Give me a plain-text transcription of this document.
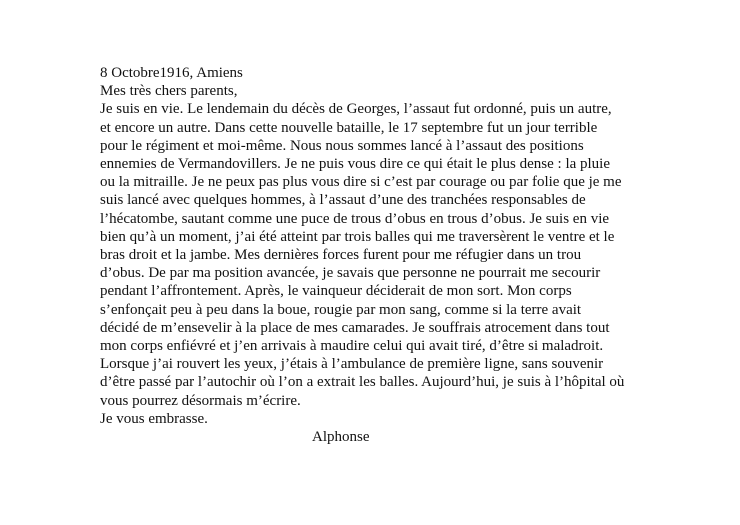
8 Octobre1916, Amiens
Mes très chers parents,
Je suis en vie. Le lendemain du décès de Georges, l’assaut fut ordonné, puis un autre,
et encore un autre. Dans cette nouvelle bataille, le 17 septembre fut un jour terrible
pour le régiment et moi-même. Nous nous sommes lancé à l’assaut des positions
ennemies de Vermandovillers. Je ne puis vous dire ce qui était le plus dense : la pluie
ou la mitraille. Je ne peux pas plus vous dire si c’est par courage ou par folie que je me
suis lancé avec quelques hommes, à l’assaut d’une des tranchées responsables de
l’hécatombe, sautant comme une puce de trous d’obus en trous d’obus. Je suis en vie
bien qu’à un moment, j’ai été atteint par trois balles qui me traversèrent le ventre et le
bras droit et la jambe. Mes dernières forces furent pour me réfugier dans un trou
d’obus. De par ma position avancée, je savais que personne ne pourrait me secourir
pendant l’affrontement. Après, le vainqueur déciderait de mon sort. Mon corps
s’enfonçait peu à peu dans la boue, rougie par mon sang, comme si la terre avait
décidé de m’ensevelir à la place de mes camarades. Je souffrais atrocement dans tout
mon corps enfiévré et j’en arrivais à maudire celui qui avait tiré, d’être si maladroit.
Lorsque j’ai rouvert les yeux, j’étais à l’ambulance de première ligne, sans souvenir
d’être passé par l’autochir où l’on a extrait les balles. Aujourd’hui, je suis à l’hôpital où
vous pourrez désormais m’écrire.
Je vous embrasse.
Alphonse
